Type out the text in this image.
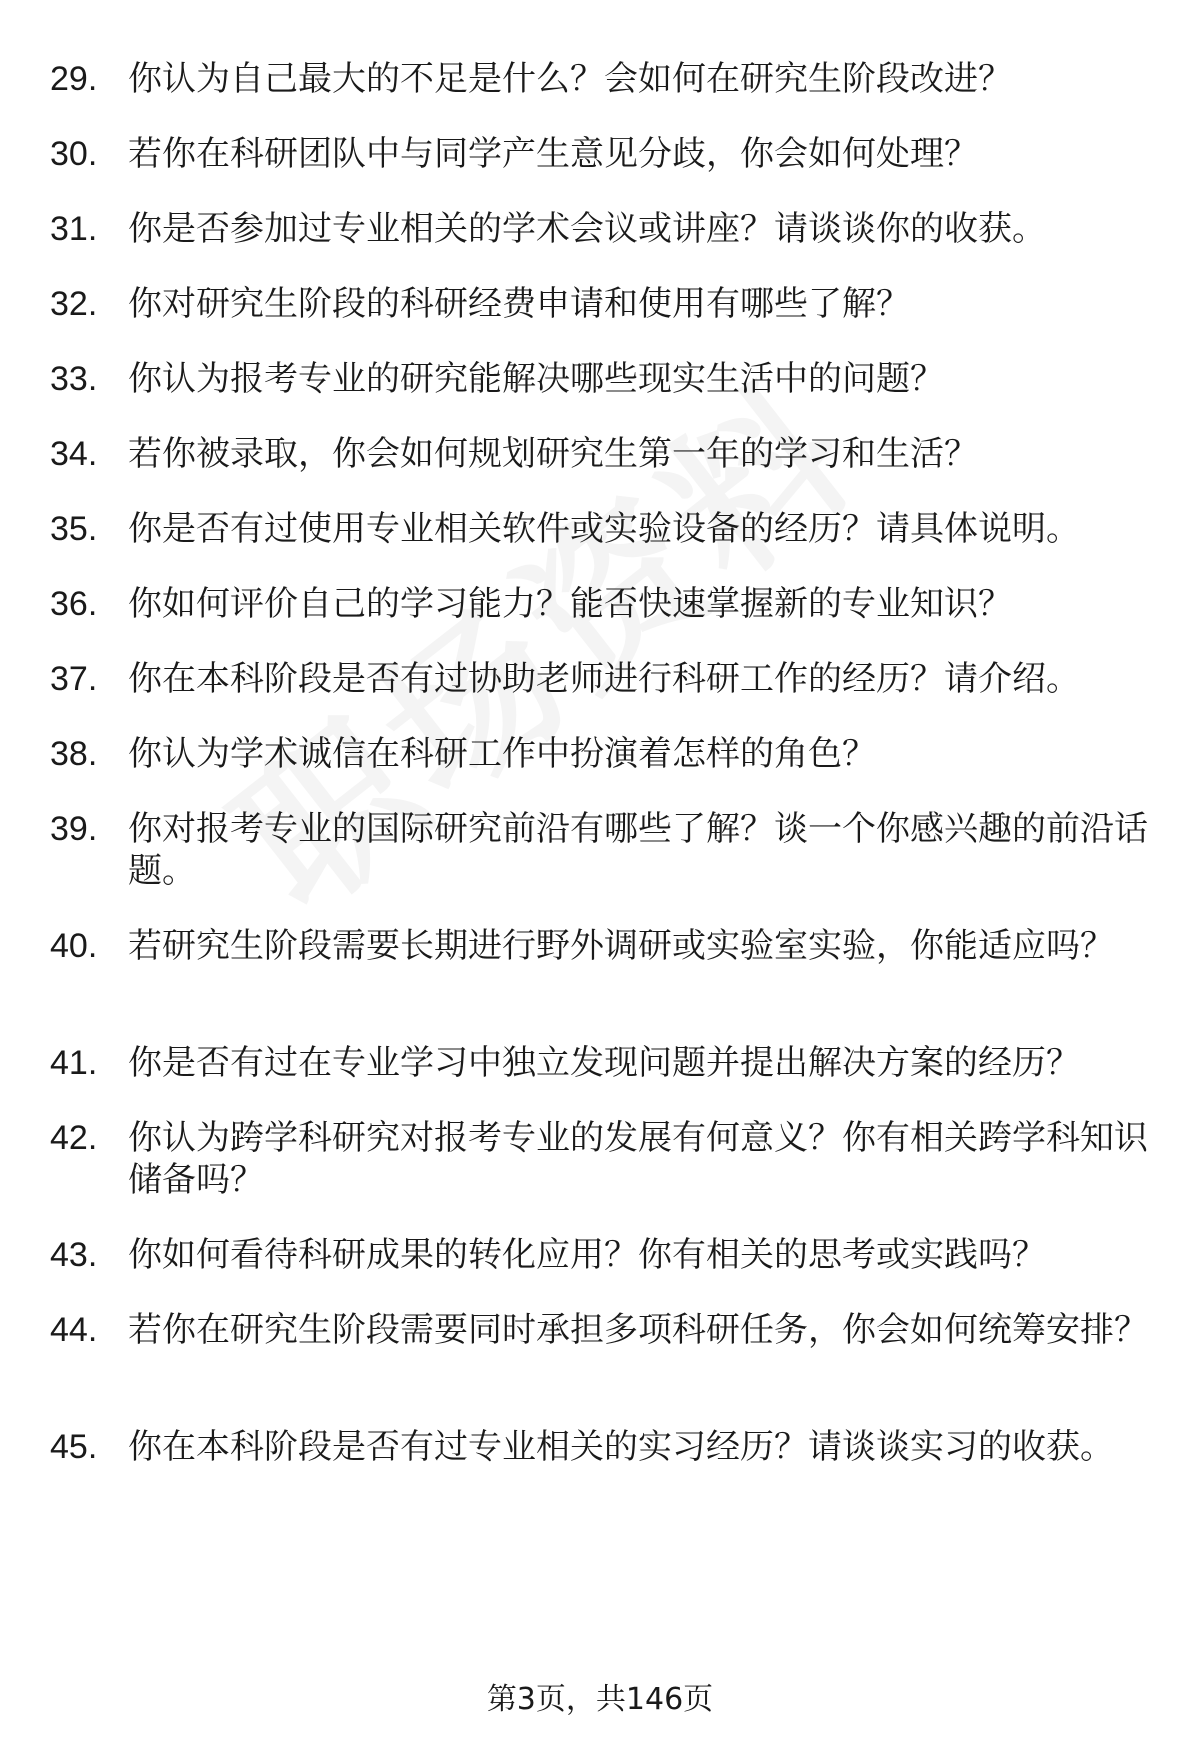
29. 你认为自己最大的不足是什么？会如何在研究生阶段改进？
30. 若你在科研团队中与同学产生意见分歧，你会如何处理？
31. 你是否参加过专业相关的学术会议或讲座？请谈谈你的收获。
32. 你对研究生阶段的科研经费申请和使用有哪些了解？
33. 你认为报考专业的研究能解决哪些现实生活中的问题？
34. 若你被录取，你会如何规划研究生第一年的学习和生活？
35. 你是否有过使用专业相关软件或实验设备的经历？请具体说明。
36. 你如何评价自己的学习能力？能否快速掌握新的专业知识？
37. 你在本科阶段是否有过协助老师进行科研工作的经历？请介绍。
38. 你认为学术诚信在科研工作中扮演着怎样的角色？
39. 你对报考专业的国际研究前沿有哪些了解？谈一个你感兴趣的前沿话题。
40. 若研究生阶段需要长期进行野外调研或实验室实验，你能适应吗？
41. 你是否有过在专业学习中独立发现问题并提出解决方案的经历？
42. 你认为跨学科研究对报考专业的发展有何意义？你有相关跨学科知识储备吗？
43. 你如何看待科研成果的转化应用？你有相关的思考或实践吗？
44. 若你在研究生阶段需要同时承担多项科研任务，你会如何统筹安排？
45. 你在本科阶段是否有过专业相关的实习经历？请谈谈实习的收获。
第3页，共146页
